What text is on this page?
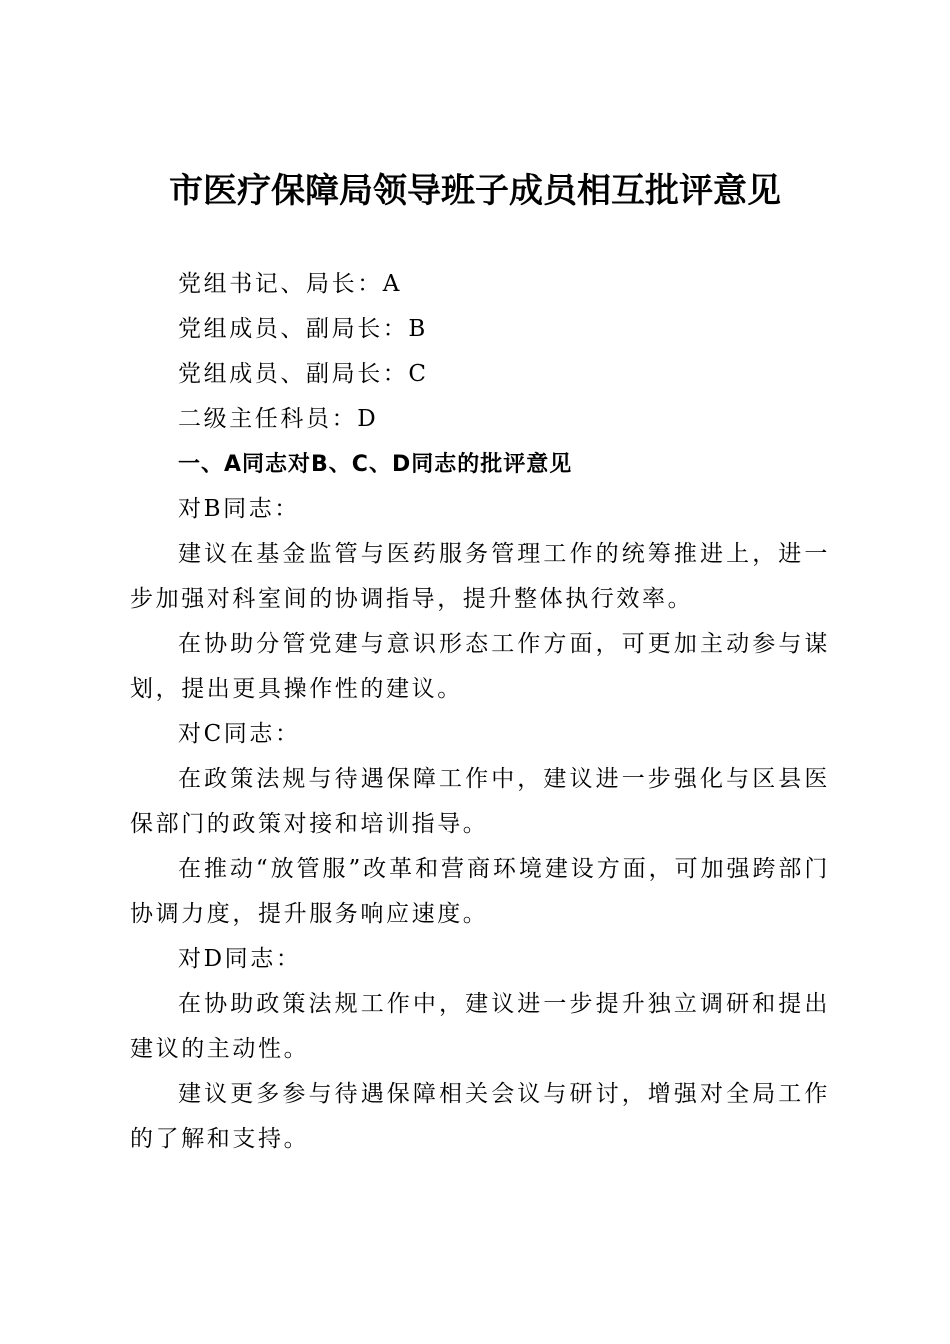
市医疗保障局领导班子成员相互批评意见

党组书记、局长：A

党组成员、副局长：B

党组成员、副局长：C

二级主任科员：D

一、A同志对B、C、D同志的批评意见

对B同志：

建议在基金监管与医药服务管理工作的统筹推进上，进一步加强对科室间的协调指导，提升整体执行效率。

在协助分管党建与意识形态工作方面，可更加主动参与谋划，提出更具操作性的建议。

对C同志：

在政策法规与待遇保障工作中，建议进一步强化与区县医保部门的政策对接和培训指导。

在推动“放管服”改革和营商环境建设方面，可加强跨部门协调力度，提升服务响应速度。

对D同志：

在协助政策法规工作中，建议进一步提升独立调研和提出建议的主动性。

建议更多参与待遇保障相关会议与研讨，增强对全局工作的了解和支持。
